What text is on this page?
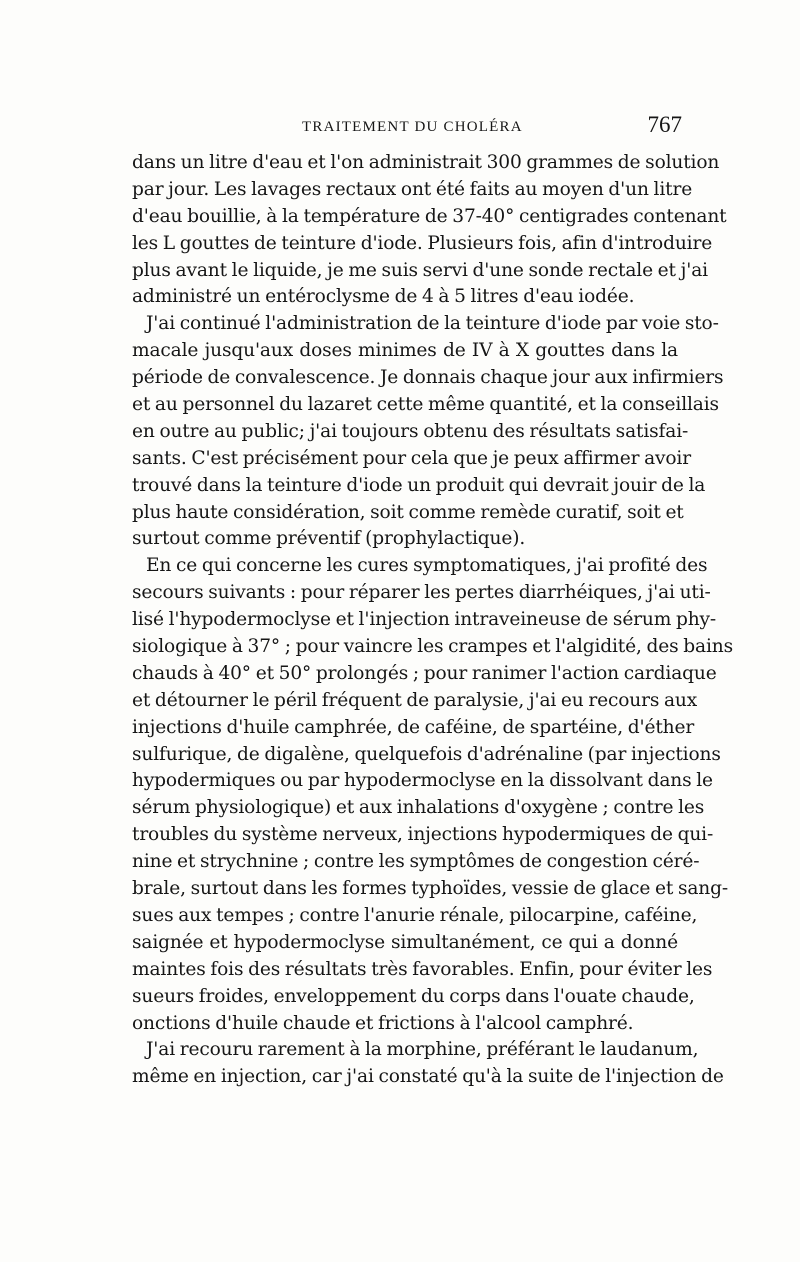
TRAITEMENT DU CHOLÉRA	767
dans un litre d'eau et l'on administrait 300 grammes de solution
par jour. Les lavages rectaux ont été faits au moyen d'un litre
d'eau bouillie, à la température de 37-40° centigrades contenant
les L gouttes de teinture d'iode. Plusieurs fois, afin d'introduire
plus avant le liquide, je me suis servi d'une sonde rectale et j'ai
administré un entéroclysme de 4 à 5 litres d'eau iodée.
J'ai continué l'administration de la teinture d'iode par voie sto-
macale jusqu'aux doses minimes de IV à X gouttes dans la
période de convalescence. Je donnais chaque jour aux infirmiers
et au personnel du lazaret cette même quantité, et la conseillais
en outre au public; j'ai toujours obtenu des résultats satisfai-
sants. C'est précisément pour cela que je peux affirmer avoir
trouvé dans la teinture d'iode un produit qui devrait jouir de la
plus haute considération, soit comme remède curatif, soit et
surtout comme préventif (prophylactique).
En ce qui concerne les cures symptomatiques, j'ai profité des
secours suivants : pour réparer les pertes diarrhéiques, j'ai uti-
lisé l'hypodermoclyse et l'injection intraveineuse de sérum phy-
siologique à 37° ; pour vaincre les crampes et l'algidité, des bains
chauds à 40° et 50° prolongés ; pour ranimer l'action cardiaque
et détourner le péril fréquent de paralysie, j'ai eu recours aux
injections d'huile camphrée, de caféine, de spartéine, d'éther
sulfurique, de digalène, quelquefois d'adrénaline (par injections
hypodermiques ou par hypodermoclyse en la dissolvant dans le
sérum physiologique) et aux inhalations d'oxygène ; contre les
troubles du système nerveux, injections hypodermiques de qui-
nine et strychnine ; contre les symptômes de congestion céré-
brale, surtout dans les formes typhoïdes, vessie de glace et sang-
sues aux tempes ; contre l'anurie rénale, pilocarpine, caféine,
saignée et hypodermoclyse simultanément, ce qui a donné
maintes fois des résultats très favorables. Enfin, pour éviter les
sueurs froides, enveloppement du corps dans l'ouate chaude,
onctions d'huile chaude et frictions à l'alcool camphré.
J'ai recouru rarement à la morphine, préférant le laudanum,
même en injection, car j'ai constaté qu'à la suite de l'injection de
